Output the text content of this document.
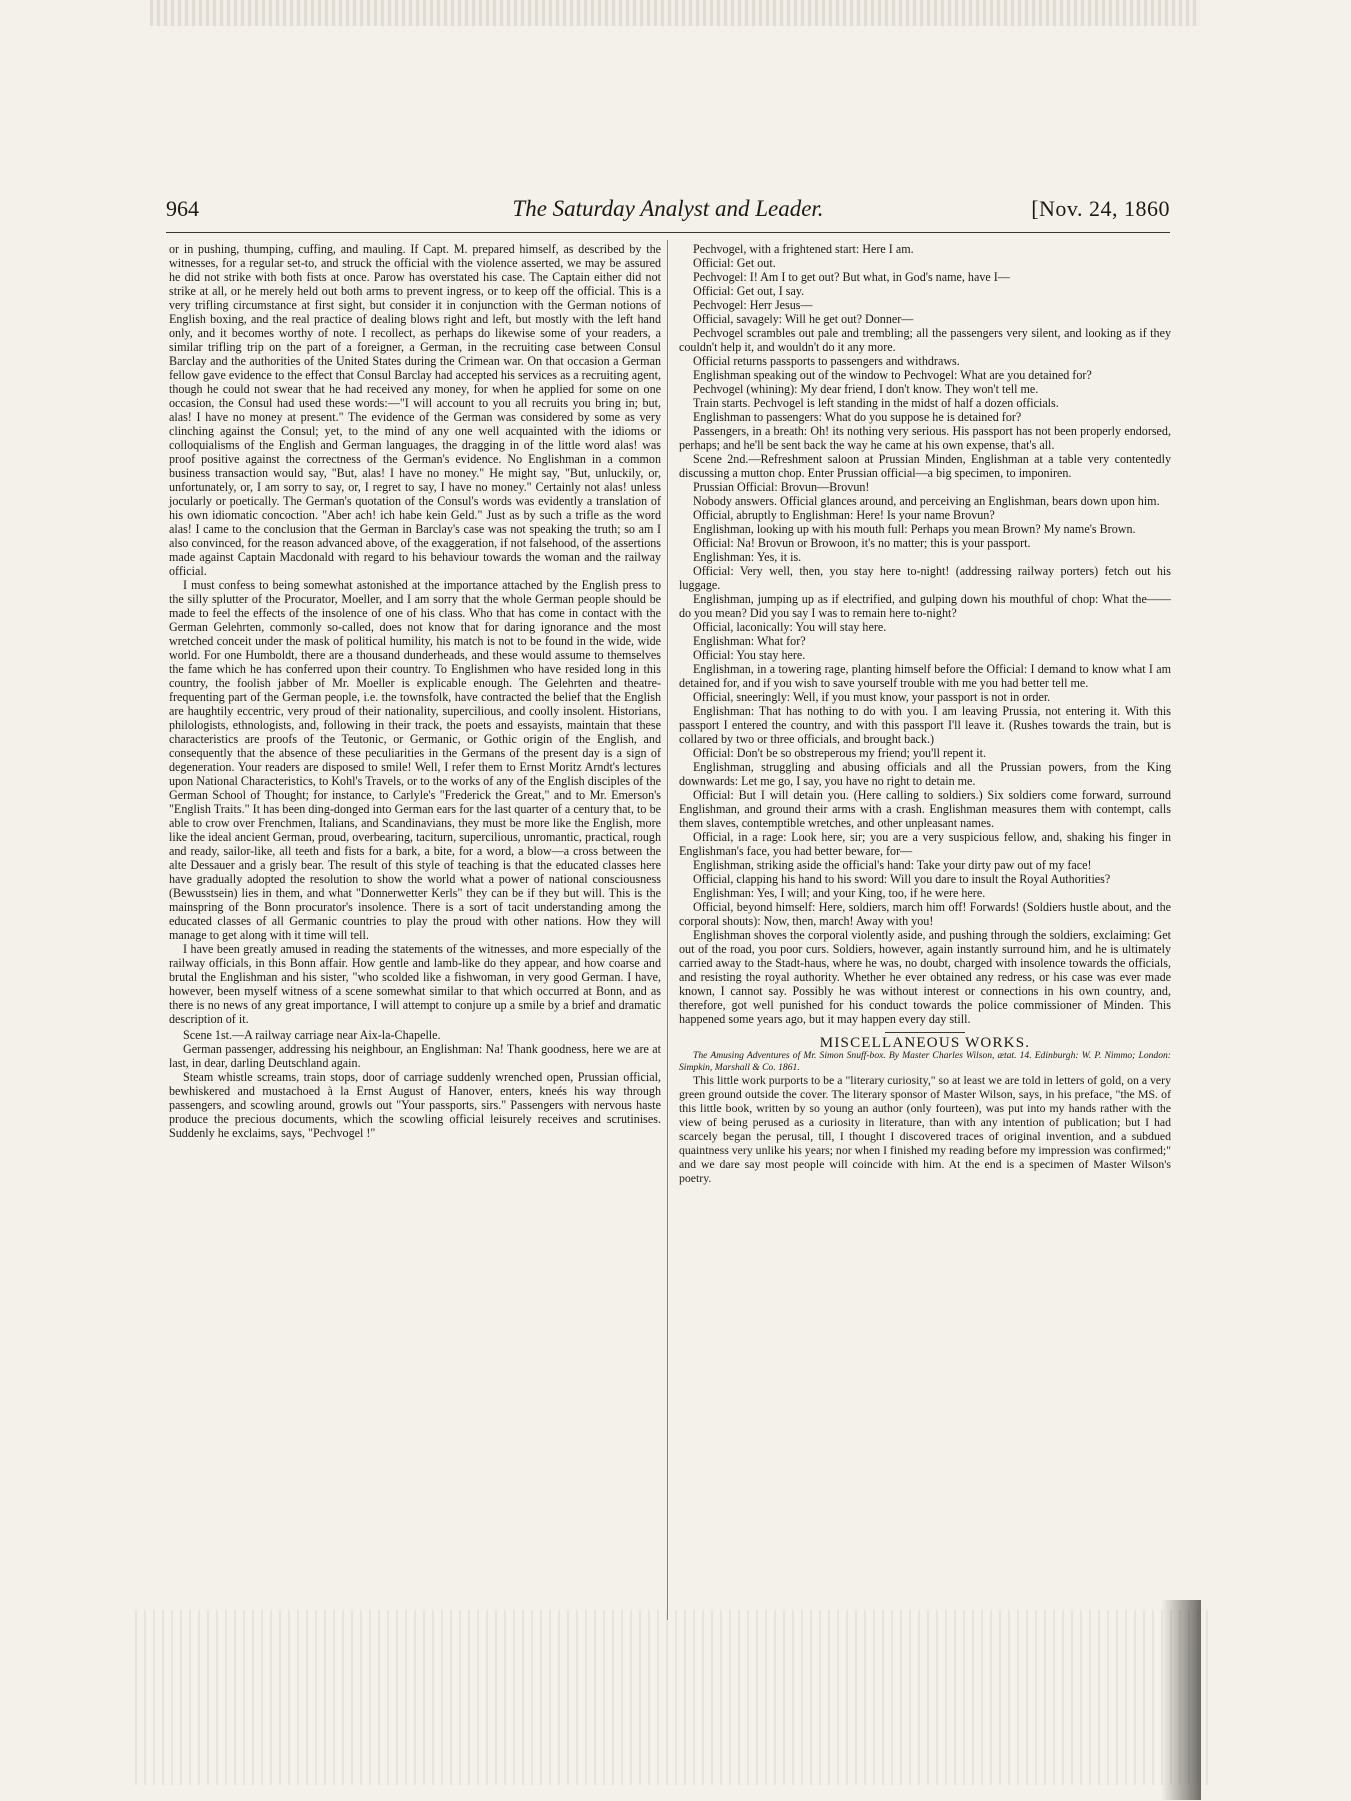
964	The Saturday Analyst and Leader.	[Nov. 24, 1860

or in pushing, thumping, cuffing, and mauling. If Capt. M. prepared himself, as described by the witnesses, for a regular set-to, and struck the official with the violence asserted, we may be assured he did not strike with both fists at once. Parow has overstated his case. The Captain either did not strike at all, or he merely held out both arms to prevent ingress, or to keep off the official. This is a very trifling circumstance at first sight, but consider it in conjunction with the German notions of English boxing, and the real practice of dealing blows right and left, but mostly with the left hand only, and it becomes worthy of note. I recollect, as perhaps do likewise some of your readers, a similar trifling trip on the part of a foreigner, a German, in the recruiting case between Consul Barclay and the authorities of the United States during the Crimean war. On that occasion a German fellow gave evidence to the effect that Consul Barclay had accepted his services as a recruiting agent, though he could not swear that he had received any money, for when he applied for some on one occasion, the Consul had used these words:—"I will account to you all recruits you bring in; but, alas! I have no money at present." The evidence of the German was considered by some as very clinching against the Consul; yet, to the mind of any one well acquainted with the idioms or colloquialisms of the English and German languages, the dragging in of the little word alas! was proof positive against the correctness of the German's evidence. No Englishman in a common business transaction would say, "But, alas! I have no money." He might say, "But, unluckily, or, unfortunately, or, I am sorry to say, or, I regret to say, I have no money." Certainly not alas! unless jocularly or poetically. The German's quotation of the Consul's words was evidently a translation of his own idiomatic concoction. "Aber ach! ich habe kein Geld." Just as by such a trifle as the word alas! I came to the conclusion that the German in Barclay's case was not speaking the truth; so am I also convinced, for the reason advanced above, of the exaggeration, if not falsehood, of the assertions made against Captain Macdonald with regard to his behaviour towards the woman and the railway official.

I must confess to being somewhat astonished at the importance attached by the English press to the silly splutter of the Procurator, Moeller, and I am sorry that the whole German people should be made to feel the effects of the insolence of one of his class. Who that has come in contact with the German Gelehrten, commonly so-called, does not know that for daring ignorance and the most wretched conceit under the mask of political humility, his match is not to be found in the wide, wide world. For one Humboldt, there are a thousand dunderheads, and these would assume to themselves the fame which he has conferred upon their country. To Englishmen who have resided long in this country, the foolish jabber of Mr. Moeller is explicable enough. The Gelehrten and theatre-frequenting part of the German people, i.e. the townsfolk, have contracted the belief that the English are haughtily eccentric, very proud of their nationality, supercilious, and coolly insolent. Historians, philologists, ethnologists, and, following in their track, the poets and essayists, maintain that these characteristics are proofs of the Teutonic, or Germanic, or Gothic origin of the English, and consequently that the absence of these peculiarities in the Germans of the present day is a sign of degeneration. Your readers are disposed to smile! Well, I refer them to Ernst Moritz Arndt's lectures upon National Characteristics, to Kohl's Travels, or to the works of any of the English disciples of the German School of Thought; for instance, to Carlyle's "Frederick the Great," and to Mr. Emerson's "English Traits." It has been ding-donged into German ears for the last quarter of a century that, to be able to crow over Frenchmen, Italians, and Scandinavians, they must be more like the English, more like the ideal ancient German, proud, overbearing, taciturn, supercilious, unromantic, practical, rough and ready, sailor-like, all teeth and fists for a bark, a bite, for a word, a blow—a cross between the alte Dessauer and a grisly bear. The result of this style of teaching is that the educated classes here have gradually adopted the resolution to show the world what a power of national consciousness (Bewusstsein) lies in them, and what "Donnerwetter Kerls" they can be if they but will. This is the mainspring of the Bonn procurator's insolence. There is a sort of tacit understanding among the educated classes of all Germanic countries to play the proud with other nations. How they will manage to get along with it time will tell.

I have been greatly amused in reading the statements of the witnesses, and more especially of the railway officials, in this Bonn affair. How gentle and lamb-like do they appear, and how coarse and brutal the Englishman and his sister, "who scolded like a fishwoman, in very good German. I have, however, been myself witness of a scene somewhat similar to that which occurred at Bonn, and as there is no news of any great importance, I will attempt to conjure up a smile by a brief and dramatic description of it.

Scene 1st.—A railway carriage near Aix-la-Chapelle.

German passenger, addressing his neighbour, an Englishman: Na! Thank goodness, here we are at last, in dear, darling Deutschland again.

Steam whistle screams, train stops, door of carriage suddenly wrenched open, Prussian official, bewhiskered and mustachoed à la Ernst August of Hanover, enters, kneés his way through passengers, and scowling around, growls out "Your passports, sirs." Passengers with nervous haste produce the precious documents, which the scowling official leisurely receives and scrutinises. Suddenly he exclaims, says, "Pechvogel !"

Pechvogel, with a frightened start: Here I am.

Official: Get out.

Pechvogel: I! Am I to get out? But what, in God's name, have I—

Official: Get out, I say.

Pechvogel: Herr Jesus—

Official, savagely: Will he get out? Donner—

Pechvogel scrambles out pale and trembling; all the passengers very silent, and looking as if they couldn't help it, and wouldn't do it any more.

Official returns passports to passengers and withdraws.

Englishman speaking out of the window to Pechvogel: What are you detained for?

Pechvogel (whining): My dear friend, I don't know. They won't tell me.

Train starts. Pechvogel is left standing in the midst of half a dozen officials.

Englishman to passengers: What do you suppose he is detained for?

Passengers, in a breath: Oh! its nothing very serious. His passport has not been properly endorsed, perhaps; and he'll be sent back the way he came at his own expense, that's all.

Scene 2nd.—Refreshment saloon at Prussian Minden, Englishman at a table very contentedly discussing a mutton chop. Enter Prussian official—a big specimen, to imponiren.

Prussian Official: Brovun—Brovun!

Nobody answers. Official glances around, and perceiving an Englishman, bears down upon him.

Official, abruptly to Englishman: Here! Is your name Brovun?

Englishman, looking up with his mouth full: Perhaps you mean Brown? My name's Brown.

Official: Na! Brovun or Browoon, it's no matter; this is your passport.

Englishman: Yes, it is.

Official: Very well, then, you stay here to-night! (addressing railway porters) fetch out his luggage.

Englishman, jumping up as if electrified, and gulping down his mouthful of chop: What the——do you mean? Did you say I was to remain here to-night?

Official, laconically: You will stay here.

Englishman: What for?

Official: You stay here.

Englishman, in a towering rage, planting himself before the Official: I demand to know what I am detained for, and if you wish to save yourself trouble with me you had better tell me.

Official, sneeringly: Well, if you must know, your passport is not in order.

Englishman: That has nothing to do with you. I am leaving Prussia, not entering it. With this passport I entered the country, and with this passport I'll leave it. (Rushes towards the train, but is collared by two or three officials, and brought back.)

Official: Don't be so obstreperous my friend; you'll repent it.

Englishman, struggling and abusing officials and all the Prussian powers, from the King downwards: Let me go, I say, you have no right to detain me.

Official: But I will detain you. (Here calling to soldiers.) Six soldiers come forward, surround Englishman, and ground their arms with a crash. Englishman measures them with contempt, calls them slaves, contemptible wretches, and other unpleasant names.

Official, in a rage: Look here, sir; you are a very suspicious fellow, and, shaking his finger in Englishman's face, you had better beware, for—

Englishman, striking aside the official's hand: Take your dirty paw out of my face!

Official, clapping his hand to his sword: Will you dare to insult the Royal Authorities?

Englishman: Yes, I will; and your King, too, if he were here.

Official, beyond himself: Here, soldiers, march him off! Forwards! (Soldiers hustle about, and the corporal shouts): Now, then, march! Away with you!

Englishman shoves the corporal violently aside, and pushing through the soldiers, exclaiming: Get out of the road, you poor curs. Soldiers, however, again instantly surround him, and he is ultimately carried away to the Stadt-haus, where he was, no doubt, charged with insolence towards the officials, and resisting the royal authority. Whether he ever obtained any redress, or his case was ever made known, I cannot say. Possibly he was without interest or connections in his own country, and, therefore, got well punished for his conduct towards the police commissioner of Minden. This happened some years ago, but it may happen every day still.

MISCELLANEOUS WORKS.

The Amusing Adventures of Mr. Simon Snuff-box. By Master Charles Wilson, ætat. 14. Edinburgh: W. P. Nimmo; London: Simpkin, Marshall & Co. 1861.

This little work purports to be a "literary curiosity," so at least we are told in letters of gold, on a very green ground outside the cover. The literary sponsor of Master Wilson, says, in his preface, "the MS. of this little book, written by so young an author (only fourteen), was put into my hands rather with the view of being perused as a curiosity in literature, than with any intention of publication; but I had scarcely began the perusal, till, I thought I discovered traces of original invention, and a subdued quaintness very unlike his years; nor when I finished my reading before my impression was confirmed;" and we dare say most people will coincide with him. At the end is a specimen of Master Wilson's poetry.
